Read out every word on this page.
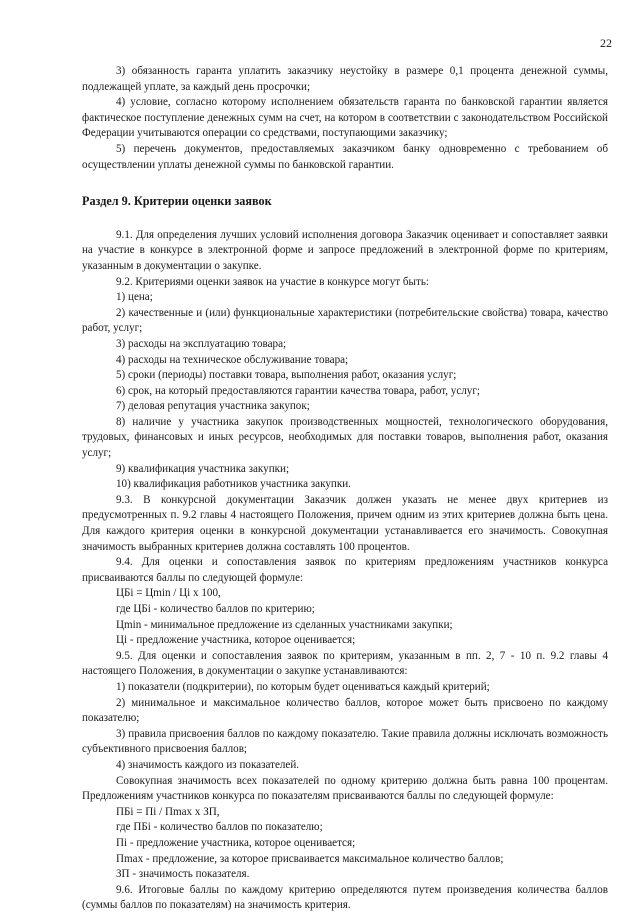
22

3) обязанность гаранта уплатить заказчику неустойку в размере 0,1 процента денежной суммы, подлежащей уплате, за каждый день просрочки;

4) условие, согласно которому исполнением обязательств гаранта по банковской гарантии является фактическое поступление денежных сумм на счет, на котором в соответствии с законодательством Российской Федерации учитываются операции со средствами, поступающими заказчику;

5) перечень документов, предоставляемых заказчиком банку одновременно с требованием об осуществлении уплаты денежной суммы по банковской гарантии.

Раздел 9. Критерии оценки заявок

9.1. Для определения лучших условий исполнения договора Заказчик оценивает и сопоставляет заявки на участие в конкурсе в электронной форме и запросе предложений в электронной форме по критериям, указанным в документации о закупке.

9.2. Критериями оценки заявок на участие в конкурсе могут быть:

1) цена;

2) качественные и (или) функциональные характеристики (потребительские свойства) товара, качество работ, услуг;

3) расходы на эксплуатацию товара;

4) расходы на техническое обслуживание товара;

5) сроки (периоды) поставки товара, выполнения работ, оказания услуг;

6) срок, на который предоставляются гарантии качества товара, работ, услуг;

7) деловая репутация участника закупок;

8) наличие у участника закупок производственных мощностей, технологического оборудования, трудовых, финансовых и иных ресурсов, необходимых для поставки товаров, выполнения работ, оказания услуг;

9) квалификация участника закупки;

10) квалификация работников участника закупки.

9.3. В конкурсной документации Заказчик должен указать не менее двух критериев из предусмотренных п. 9.2 главы 4 настоящего Положения, причем одним из этих критериев должна быть цена. Для каждого критерия оценки в конкурсной документации устанавливается его значимость. Совокупная значимость выбранных критериев должна составлять 100 процентов.

9.4. Для оценки и сопоставления заявок по критериям предложениям участников конкурса присваиваются баллы по следующей формуле:

ЦБі = Цmin / Ці х 100,

где ЦБі - количество баллов по критерию;

Цmin - минимальное предложение из сделанных участниками закупки;

Ці - предложение участника, которое оценивается;

9.5. Для оценки и сопоставления заявок по критериям, указанным в пп. 2, 7 - 10 п. 9.2 главы 4 настоящего Положения, в документации о закупке устанавливаются:

1) показатели (подкритерии), по которым будет оцениваться каждый критерий;

2) минимальное и максимальное количество баллов, которое может быть присвоено по каждому показателю;

3) правила присвоения баллов по каждому показателю. Такие правила должны исключать возможность субъективного присвоения баллов;

4) значимость каждого из показателей.

Совокупная значимость всех показателей по одному критерию должна быть равна 100 процентам. Предложениям участников конкурса по показателям присваиваются баллы по следующей формуле:

ПБі = Пі / Пmax х ЗП,

где ПБі - количество баллов по показателю;

Пі - предложение участника, которое оценивается;

Пmax - предложение, за которое присваивается максимальное количество баллов;

ЗП - значимость показателя.

9.6. Итоговые баллы по каждому критерию определяются путем произведения количества баллов (суммы баллов по показателям) на значимость критерия.
